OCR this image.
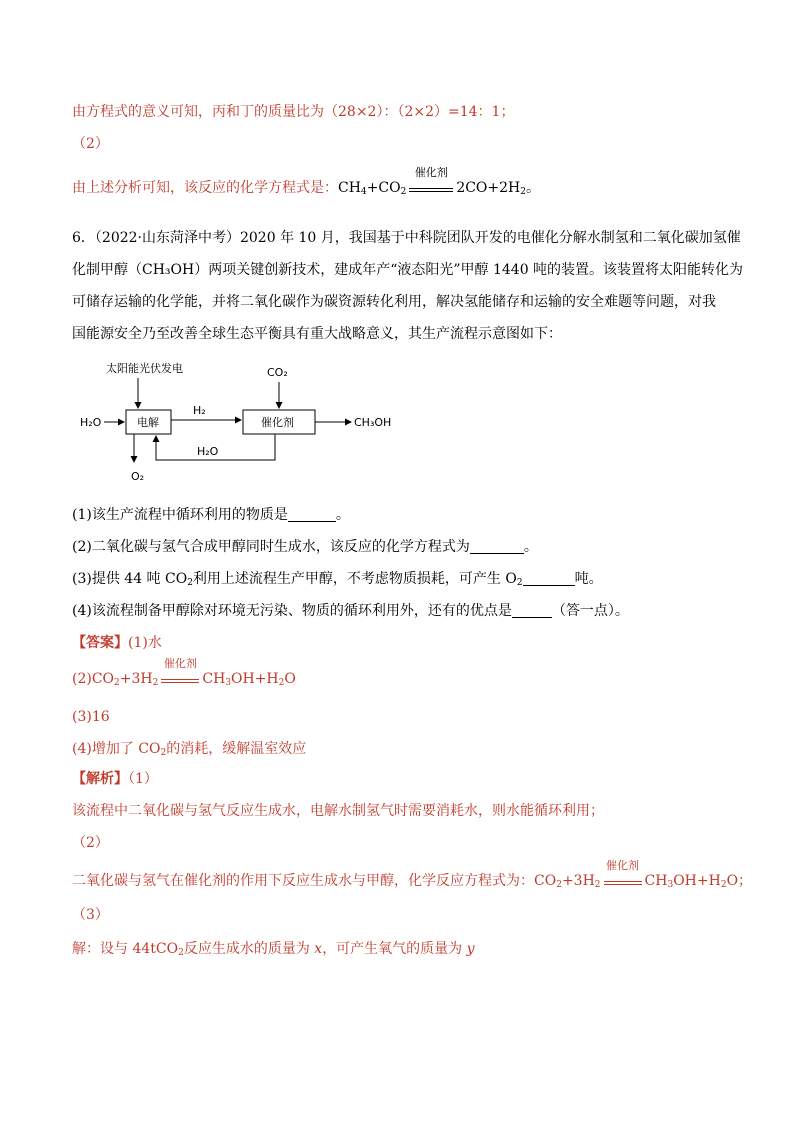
由方程式的意义可知，丙和丁的质量比为（28×2）：（2×2）=14：1；
（2）
由上述分析可知，该反应的化学方程式是：$CH_4+CO_2$
催化剂
$2CO+2H_2$。
6．（2022·山东菏泽中考）2020 年 10 月，我国基于中科院团队开发的电催化分解水制氢和二氧化碳加氢催
化制甲醇（CH₃OH）两项关键创新技术，建成年产“液态阳光”甲醇 1440 吨的装置。该装置将太阳能转化为
可储存运输的化学能，并将二氧化碳作为碳资源转化利用，解决氢能储存和运输的安全难题等问题，对我
国能源安全乃至改善全球生态平衡具有重大战略意义，其生产流程示意图如下：
太阳能光伏发电	CO₂
H₂O	电解
H₂
催化剂	CH₃OH
H₂O
O₂
(1)该生产流程中循环利用的物质是	。
(2)二氧化碳与氢气合成甲醇同时生成水，该反应的化学方程式为	。
(3)提供 44 吨 $CO_2$利用上述流程生产甲醇，不考虑物质损耗，可产生 $O_2$	吨。
(4)该流程制备甲醇除对环境无污染、物质的循环利用外，还有的优点是	（答一点）。
【答案】(1)水
$(2)CO_2+3H_2$
催化剂
$CH_3OH+H_2O$
(3)16
(4)增加了 $CO_2$的消耗，缓解温室效应
【解析】（1）
该流程中二氧化碳与氢气反应生成水，电解水制氢气时需要消耗水，则水能循环利用；
（2）
二氧化碳与氢气在催化剂的作用下反应生成水与甲醇，化学反应方程式为：$CO_2+3H_2$
催化剂
$CH_3OH+H_2O$；
（3）
解：设与 44tCO$_2$反应生成水的质量为 x，可产生氧气的质量为 y
